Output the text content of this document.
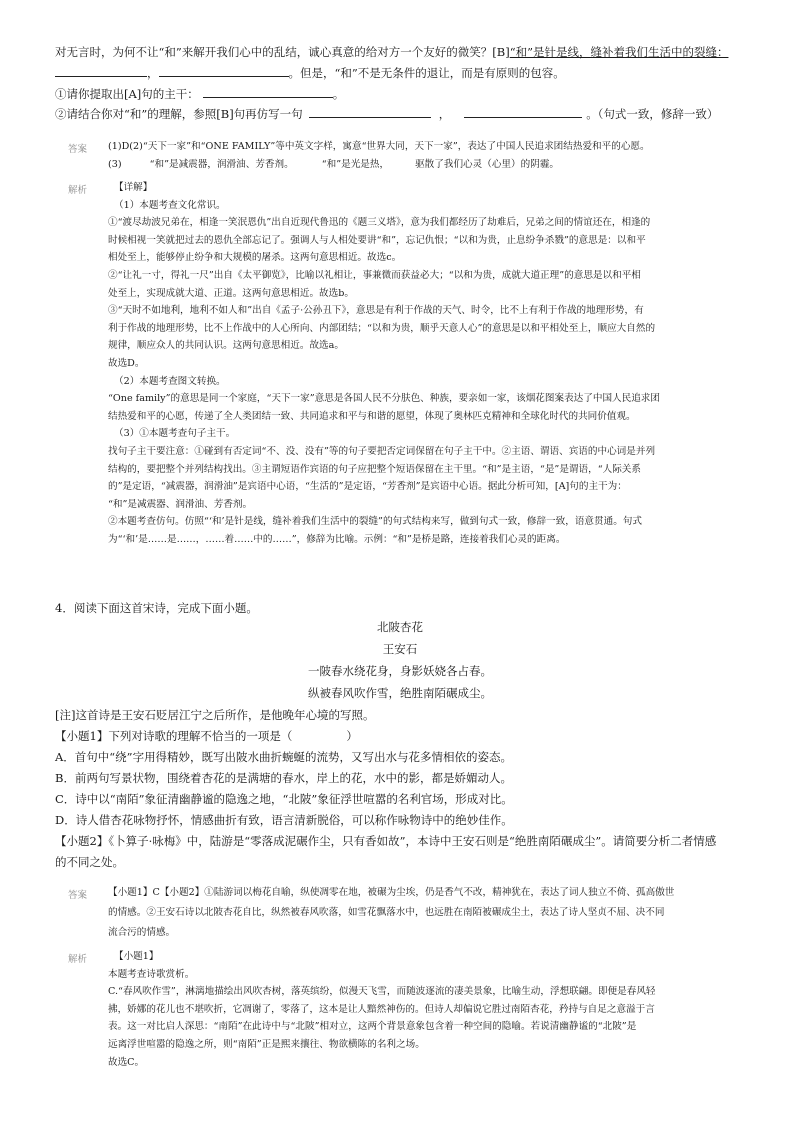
对无言时，为何不让“和”来解开我们心中的乱结，诚心真意的给对方一个友好的微笑？[B]“和”是针是线，缝补着我们生活中的裂缝：
，	。但是，“和”不是无条件的退让，而是有原则的包容。
①请你提取出[A]句的主干：	。
②请结合你对“和”的理解，参照[B]句再仿写一句	，	。（句式一致，修辞一致）
答案 (1)D(2)“天下一家”和“ONE FAMILY”等中英文字样，寓意“世界大同，天下一家”，表达了中国人民追求团结热爱和平的心愿。
(3)	“和”是减震器，润滑油、芳香剂。	“和”是光是热，	驱散了我们心灵（心里）的阴霾。
解析	【详解】
（1）本题考查文化常识。
①“渡尽劫波兄弟在，相逢一笑泯恩仇”出自近现代鲁迅的《题三义塔》，意为我们都经历了劫难后，兄弟之间的情谊还在，相逢的
时候相视一笑就把过去的恩仇全部忘记了。强调人与人相处要讲“和”，忘记仇恨；“以和为贵，止息纷争杀戮”的意思是：以和平
相处至上，能够停止纷争和大规模的屠杀。这两句意思相近。故选c。
②“让礼一寸，得礼一尺”出自《太平御览》，比喻以礼相让，事兼微而获益必大；“以和为贵，成就大道正理”的意思是以和平相
处至上，实现成就大道、正道。这两句意思相近。故选b。
③“天时不如地利，地利不如人和”出自《孟子·公孙丑下》，意思是有利于作战的天气、时令，比不上有利于作战的地理形势，有
利于作战的地理形势，比不上作战中的人心所向、内部团结；“以和为贵，顺乎天意人心”的意思是以和平相处至上，顺应大自然的
规律，顺应众人的共同认识。这两句意思相近。故选a。
故选D。
（2）本题考查图文转换。
“One family”的意思是同一个家庭，“天下一家”意思是各国人民不分肤色、种族，要亲如一家，该烟花图案表达了中国人民追求团
结热爱和平的心愿，传递了全人类团结一致、共同追求和平与和谐的愿望，体现了奥林匹克精神和全球化时代的共同价值观。
（3）①本题考查句子主干。
找句子主干要注意：①碰到有否定词“不、没、没有”等的句子要把否定词保留在句子主干中。②主语、谓语、宾语的中心词是并列
结构的，要把整个并列结构找出。③主谓短语作宾语的句子应把整个短语保留在主干里。“和”是主语，“是”是谓语，“人际关系
的”是定语，“减震器，润滑油”是宾语中心语，“生活的”是定语，“芳香剂”是宾语中心语。据此分析可知，[A]句的主干为：
“和”是减震器、润滑油、芳香剂。
②本题考查仿句。仿照“‘和’是针是线，缝补着我们生活中的裂缝”的句式结构来写，做到句式一致，修辞一致，语意贯通。句式
为“‘和’是……是……，……着……中的……”，修辞为比喻。示例：“和”是桥是路，连接着我们心灵的距离。
4．阅读下面这首宋诗，完成下面小题。
北陂杏花
王安石
一陂春水绕花身，身影妖娆各占春。
纵被春风吹作雪，绝胜南陌碾成尘。
[注]这首诗是王安石贬居江宁之后所作，是他晚年心境的写照。
【小题1】下列对诗歌的理解不恰当的一项是（	）
A．首句中“绕”字用得精妙，既写出陂水曲折蜿蜒的流势，又写出水与花多情相依的姿态。
B．前两句写景状物，围绕着杏花的是满塘的春水，岸上的花，水中的影，都是娇媚动人。
C．诗中以“南陌”象征清幽静谧的隐逸之地，“北陂”象征浮世喧嚣的名利官场，形成对比。
D．诗人借杏花咏物抒怀，情感曲折有致，语言清新脱俗，可以称作咏物诗中的绝妙佳作。
【小题2】《卜算子·咏梅》中，陆游是“零落成泥碾作尘，只有香如故”，本诗中王安石则是“绝胜南陌碾成尘”。请简要分析二者情感
的不同之处。
答案 【小题1】C【小题2】①陆游词以梅花自喻，纵使凋零在地，被碾为尘埃，仍是香气不改，精神犹在，表达了词人独立不倚、孤高傲世
的情感。②王安石诗以北陂杏花自比，纵然被春风吹落，如雪花飘落水中，也远胜在南陌被碾成尘土，表达了诗人坚贞不屈、决不同
流合污的情感。
解析	【小题1】
本题考查诗歌赏析。
C.“春风吹作雪”，淋漓地描绘出风吹杏树，落英缤纷，似漫天飞雪，而随波逐流的凄美景象，比喻生动，浮想联翩。即便是春风轻
拂，娇娜的花儿也不堪吹折，它凋谢了，零落了，这本是让人黯然神伤的。但诗人却偏说它胜过南陌杏花，矜持与自足之意溢于言
表。这一对比启人深思：“南陌”在此诗中与“北陂”相对立，这两个背景意象包含着一种空间的隐喻。若说清幽静谧的“北陂”是
远离浮世喧嚣的隐逸之所，则“南陌”正是熙来攘往、物欲横陈的名利之场。
故选C。
